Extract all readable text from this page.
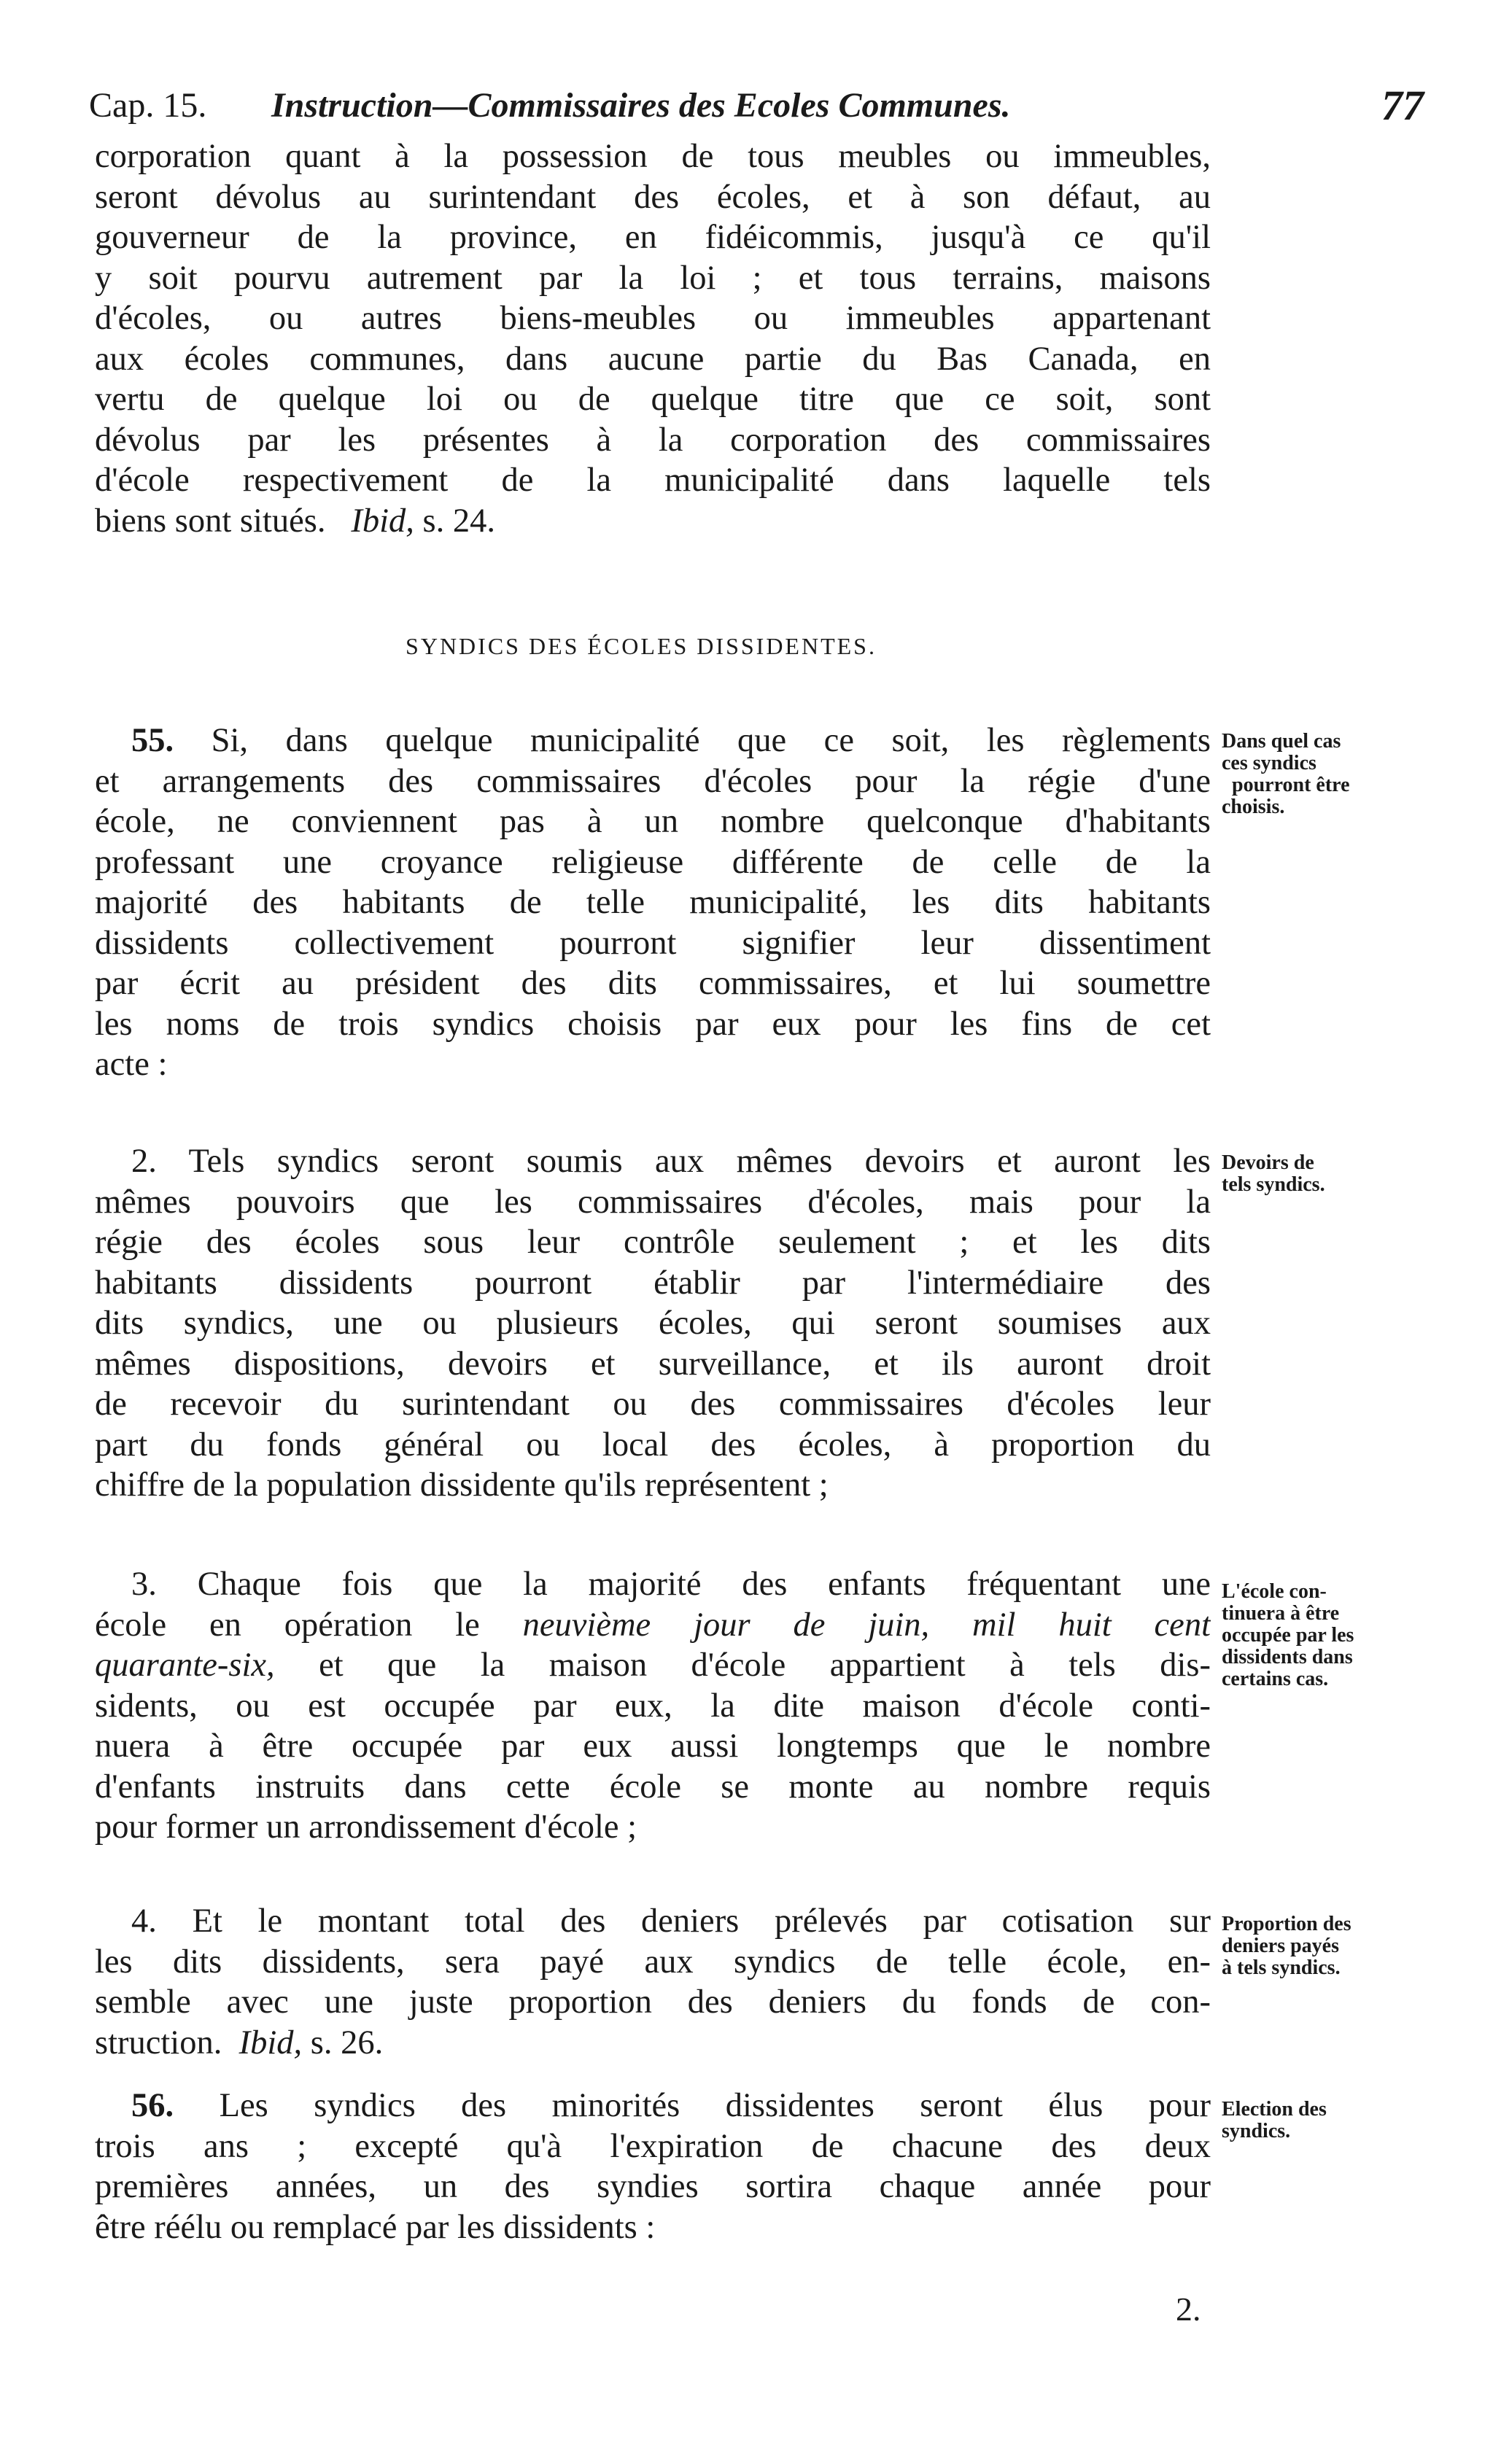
Cap. 15. Instruction—Commissaires des Ecoles Communes.	77
corporation quant à la possession de tous meubles ou immeubles,
seront dévolus au surintendant des écoles, et à son défaut, au
gouverneur de la province, en fidéicommis, jusqu'à ce qu'il
y soit pourvu autrement par la loi ; et tous terrains, maisons
d'écoles, ou autres biens-meubles ou immeubles appartenant
aux écoles communes, dans aucune partie du Bas Canada, en
vertu de quelque loi ou de quelque titre que ce soit, sont
dévolus par les présentes à la corporation des commissaires
d'école respectivement de la municipalité dans laquelle tels
biens sont situés. Ibid, s. 24.
SYNDICS DES ÉCOLES DISSIDENTES.
55. Si, dans quelque municipalité que ce soit, les règlements
et arrangements des commissaires d'écoles pour la régie d'une
école, ne conviennent pas à un nombre quelconque d'habitants
professant une croyance religieuse différente de celle de la
majorité des habitants de telle municipalité, les dits habitants
dissidents collectivement pourront signifier leur dissentiment
par écrit au président des dits commissaires, et lui soumettre
les noms de trois syndics choisis par eux pour les fins de cet
acte :
Dans quel cas
ces syndics
pourront être
choisis.
2. Tels syndics seront soumis aux mêmes devoirs et auront les
mêmes pouvoirs que les commissaires d'écoles, mais pour la
régie des écoles sous leur contrôle seulement ; et les dits
habitants dissidents pourront établir par l'intermédiaire des
dits syndics, une ou plusieurs écoles, qui seront soumises aux
mêmes dispositions, devoirs et surveillance, et ils auront droit
de recevoir du surintendant ou des commissaires d'écoles leur
part du fonds général ou local des écoles, à proportion du
chiffre de la population dissidente qu'ils représentent ;
Devoirs de
tels syndics.
3. Chaque fois que la majorité des enfants fréquentant une
école en opération le neuvième jour de juin, mil huit cent
quarante-six, et que la maison d'école appartient à tels dis-
sidents, ou est occupée par eux, la dite maison d'école conti-
nuera à être occupée par eux aussi longtemps que le nombre
d'enfants instruits dans cette école se monte au nombre requis
pour former un arrondissement d'école ;
L'école con-
tinuera à être
occupée par les
dissidents dans
certains cas.
4. Et le montant total des deniers prélevés par cotisation sur
les dits dissidents, sera payé aux syndics de telle école, en-
semble avec une juste proportion des deniers du fonds de con-
struction. Ibid, s. 26.
Proportion des
deniers payés
à tels syndics.
56. Les syndics des minorités dissidentes seront élus pour
trois ans ; excepté qu'à l'expiration de chacune des deux
premières années, un des syndies sortira chaque année pour
être réélu ou remplacé par les dissidents :
Election des
syndics.
2.
